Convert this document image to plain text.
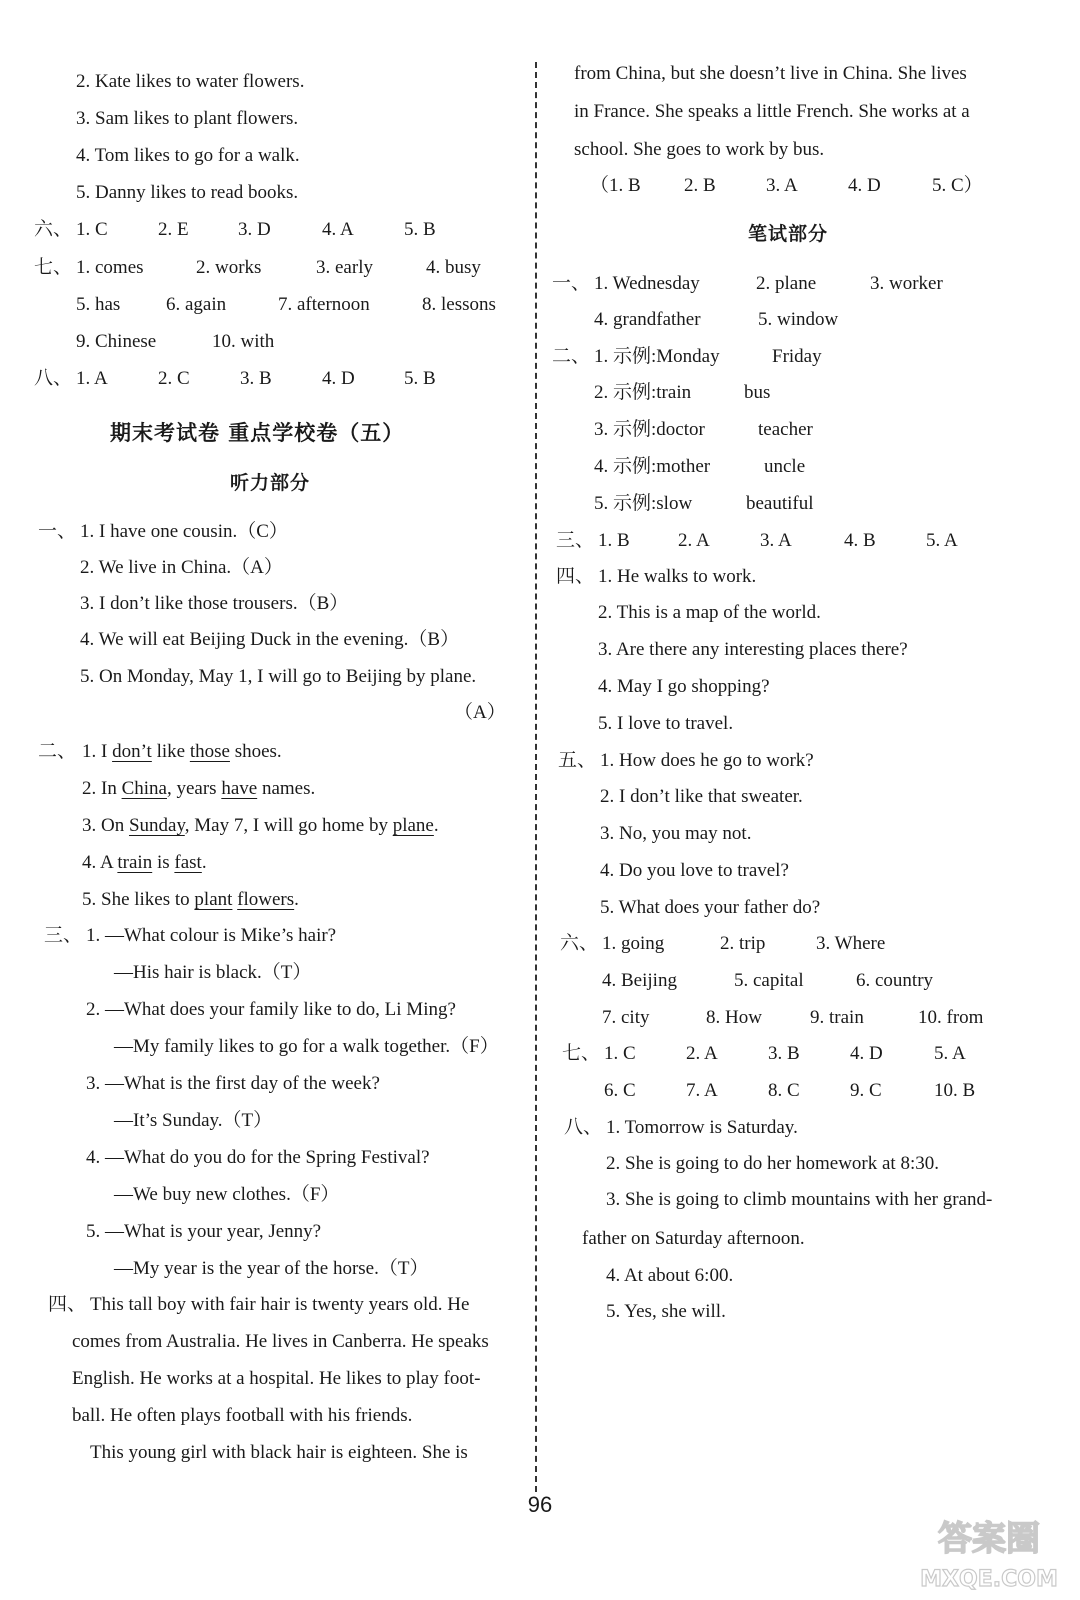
2. Kate likes to water flowers.
3. Sam likes to plant flowers.
4. Tom likes to go for a walk.
5. Danny likes to read books.
六、 1. C	2. E	3. D	4. A	5. B
七、 1. comes	2. works	3. early	4. busy
5. has 6. again	7. afternoon	8. lessons
9. Chinese	10. with
八、 1. A	2. C	3. B	4. D	5. B
期末考试卷 重点学校卷（五）
听力部分
一、 1. I have one cousin.（C）
2. We live in China.（A）
3. I don’t like those trousers.（B）
4. We will eat Beijing Duck in the evening.（B）
5. On Monday, May 1, I will go to Beijing by plane.
（A）
二、 1. I don’t like those shoes.
2. In China, years have names.
3. On Sunday, May 7, I will go home by plane.
4. A train is fast.
5. She likes to plant flowers.
三、 1. —What colour is Mike’s hair?
—His hair is black.（T）
2. —What does your family like to do, Li Ming?
—My family likes to go for a walk together.（F）
3. —What is the first day of the week?
—It’s Sunday.（T）
4. —What do you do for the Spring Festival?
—We buy new clothes.（F）
5. —What is your year, Jenny?
—My year is the year of the horse.（T）
四、 This tall boy with fair hair is twenty years old. He
comes from Australia. He lives in Canberra. He speaks
English. He works at a hospital. He likes to play foot-
ball. He often plays football with his friends.
This young girl with black hair is eighteen. She is
from China, but she doesn’t live in China. She lives
in France. She speaks a little French. She works at a
school. She goes to work by bus.
（1. B 2. B	3. A	4. D	5. C）
笔试部分
一、 1. Wednesday	2. plane	3. worker
4. grandfather	5. window
二、 1. 示例:Monday	Friday
2. 示例:train	bus
3. 示例:doctor	teacher
4. 示例:mother	uncle
5. 示例:slow	beautiful
三、 1. B	2. A	3. A	4. B	5. A
四、 1. He walks to work.
2. This is a map of the world.
3. Are there any interesting places there?
4. May I go shopping?
5. I love to travel.
五、 1. How does he go to work?
2. I don’t like that sweater.
3. No, you may not.
4. Do you love to travel?
5. What does your father do?
六、 1. going	2. trip	3. Where
4. Beijing	5. capital	6. country
7. city	8. How	9. train	10. from
七、 1. C	2. A	3. B	4. D	5. A
6. C	7. A	8. C	9. C	10. B
八、 1. Tomorrow is Saturday.
2. She is going to do her homework at 8:30.
3. She is going to climb mountains with her grand-
father on Saturday afternoon.
4. At about 6:00.
5. Yes, she will.
96
答案圈
MXQE.COM
